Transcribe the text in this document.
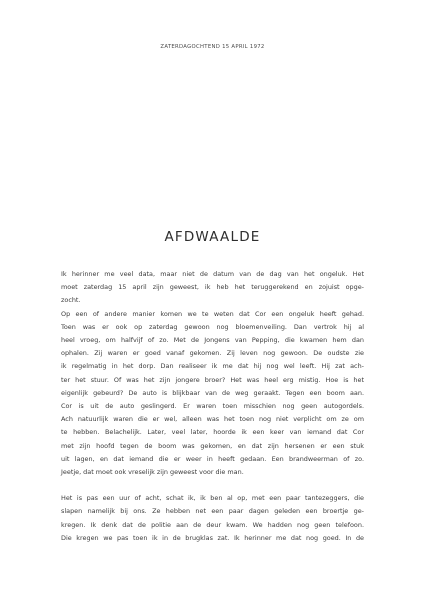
ZATERDAGOCHTEND 15 APRIL 1972
AFDWAALDE
Ik herinner me veel data, maar niet de datum van de dag van het ongeluk. Het
moet zaterdag 15 april zijn geweest, ik heb het teruggerekend en zojuist opge-
zocht.
Op een of andere manier komen we te weten dat Cor een ongeluk heeft gehad.
Toen was er ook op zaterdag gewoon nog bloemenveiling. Dan vertrok hij al
heel vroeg, om halfvijf of zo. Met de Jongens van Pepping, die kwamen hem dan
ophalen. Zij waren er goed vanaf gekomen. Zij leven nog gewoon. De oudste zie
ik regelmatig in het dorp. Dan realiseer ik me dat hij nog wel leeft. Hij zat ach-
ter het stuur. Of was het zijn jongere broer? Het was heel erg mistig. Hoe is het
eigenlijk gebeurd? De auto is blijkbaar van de weg geraakt. Tegen een boom aan.
Cor is uit de auto geslingerd. Er waren toen misschien nog geen autogordels.
Ach natuurlijk waren die er wel, alleen was het toen nog niet verplicht om ze om
te hebben. Belachelijk. Later, veel later, hoorde ik een keer van iemand dat Cor
met zijn hoofd tegen de boom was gekomen, en dat zijn hersenen er een stuk
uit lagen, en dat iemand die er weer in heeft gedaan. Een brandweerman of zo.
Jeetje, dat moet ook vreselijk zijn geweest voor die man.
Het is pas een uur of acht, schat ik, ik ben al op, met een paar tantezeggers, die
slapen namelijk bij ons. Ze hebben net een paar dagen geleden een broertje ge-
kregen. Ik denk dat de politie aan de deur kwam. We hadden nog geen telefoon.
Die kregen we pas toen ik in de brugklas zat. Ik herinner me dat nog goed. In de
